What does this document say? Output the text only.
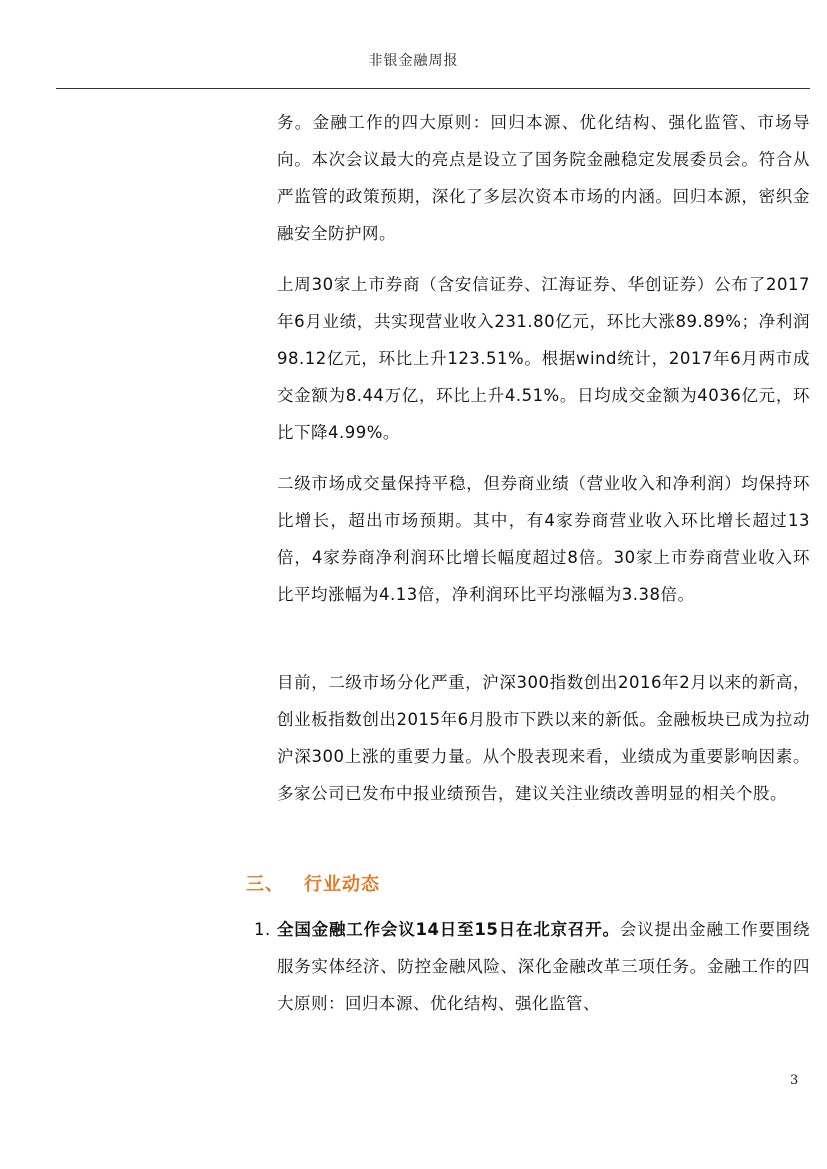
非银金融周报

务。金融工作的四大原则：回归本源、优化结构、强化监管、市场导向。本次会议最大的亮点是设立了国务院金融稳定发展委员会。符合从严监管的政策预期，深化了多层次资本市场的内涵。回归本源，密织金融安全防护网。

上周30家上市券商（含安信证券、江海证券、华创证券）公布了2017年6月业绩，共实现营业收入231.80亿元，环比大涨89.89%；净利润98.12亿元，环比上升123.51%。根据wind统计，2017年6月两市成交金额为8.44万亿，环比上升4.51%。日均成交金额为4036亿元，环比下降4.99%。

二级市场成交量保持平稳，但券商业绩（营业收入和净利润）均保持环比增长，超出市场预期。其中，有4家券商营业收入环比增长超过13倍，4家券商净利润环比增长幅度超过8倍。30家上市券商营业收入环比平均涨幅为4.13倍，净利润环比平均涨幅为3.38倍。

目前，二级市场分化严重，沪深300指数创出2016年2月以来的新高，创业板指数创出2015年6月股市下跌以来的新低。金融板块已成为拉动沪深300上涨的重要力量。从个股表现来看，业绩成为重要影响因素。多家公司已发布中报业绩预告，建议关注业绩改善明显的相关个股。

三、 行业动态
1. 全国金融工作会议14日至15日在北京召开。会议提出金融工作要围绕服务实体经济、防控金融风险、深化金融改革三项任务。金融工作的四大原则：回归本源、优化结构、强化监管、
3
